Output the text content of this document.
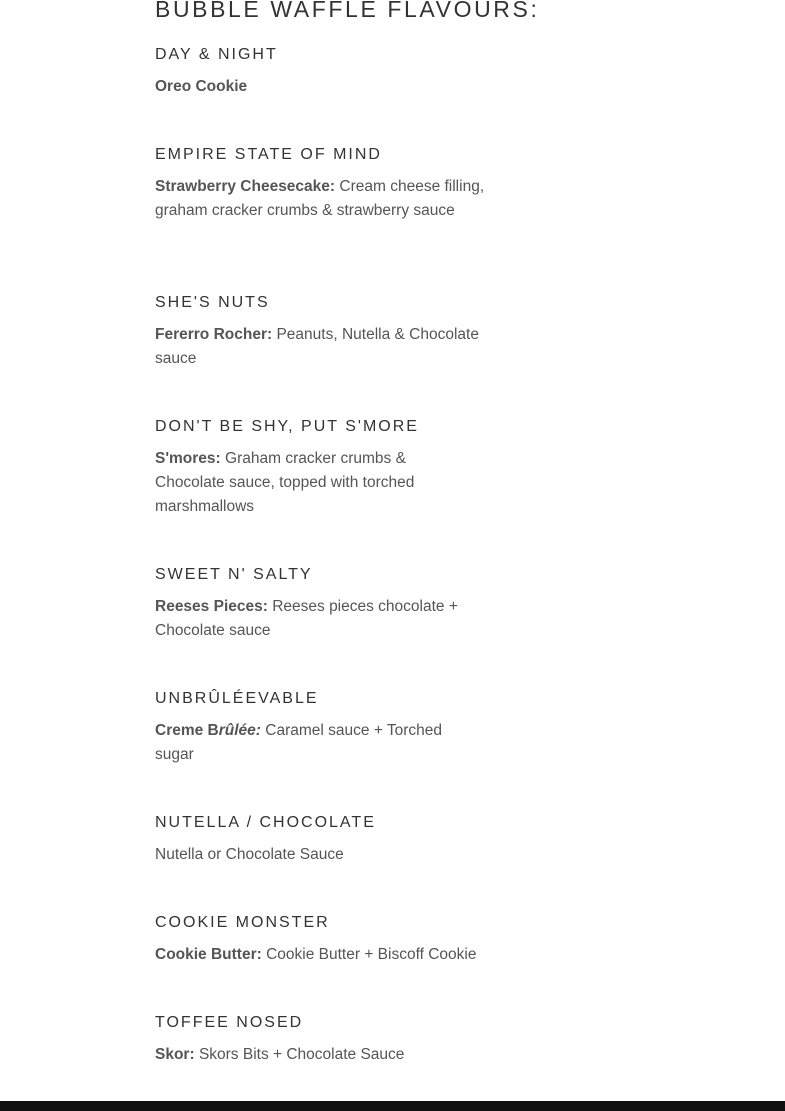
BUBBLE WAFFLE FLAVOURS:
DAY & NIGHT

Oreo Cookie

EMPIRE STATE OF MIND

Strawberry Cheesecake: Cream cheese filling, graham cracker crumbs & strawberry sauce

SHE'S NUTS

Fererro Rocher: Peanuts, Nutella & Chocolate sauce

DON'T BE SHY, PUT S'MORE

S'mores: Graham cracker crumbs & Chocolate sauce, topped with torched marshmallows

SWEET N' SALTY

Reeses Pieces: Reeses pieces chocolate + Chocolate sauce

UNBRÛLÉEVABLE

Creme Brûlée: Caramel sauce + Torched sugar

NUTELLA / CHOCOLATE

Nutella or Chocolate Sauce

COOKIE MONSTER

Cookie Butter: Cookie Butter + Biscoff Cookie

TOFFEE NOSED

Skor: Skors Bits + Chocolate Sauce
